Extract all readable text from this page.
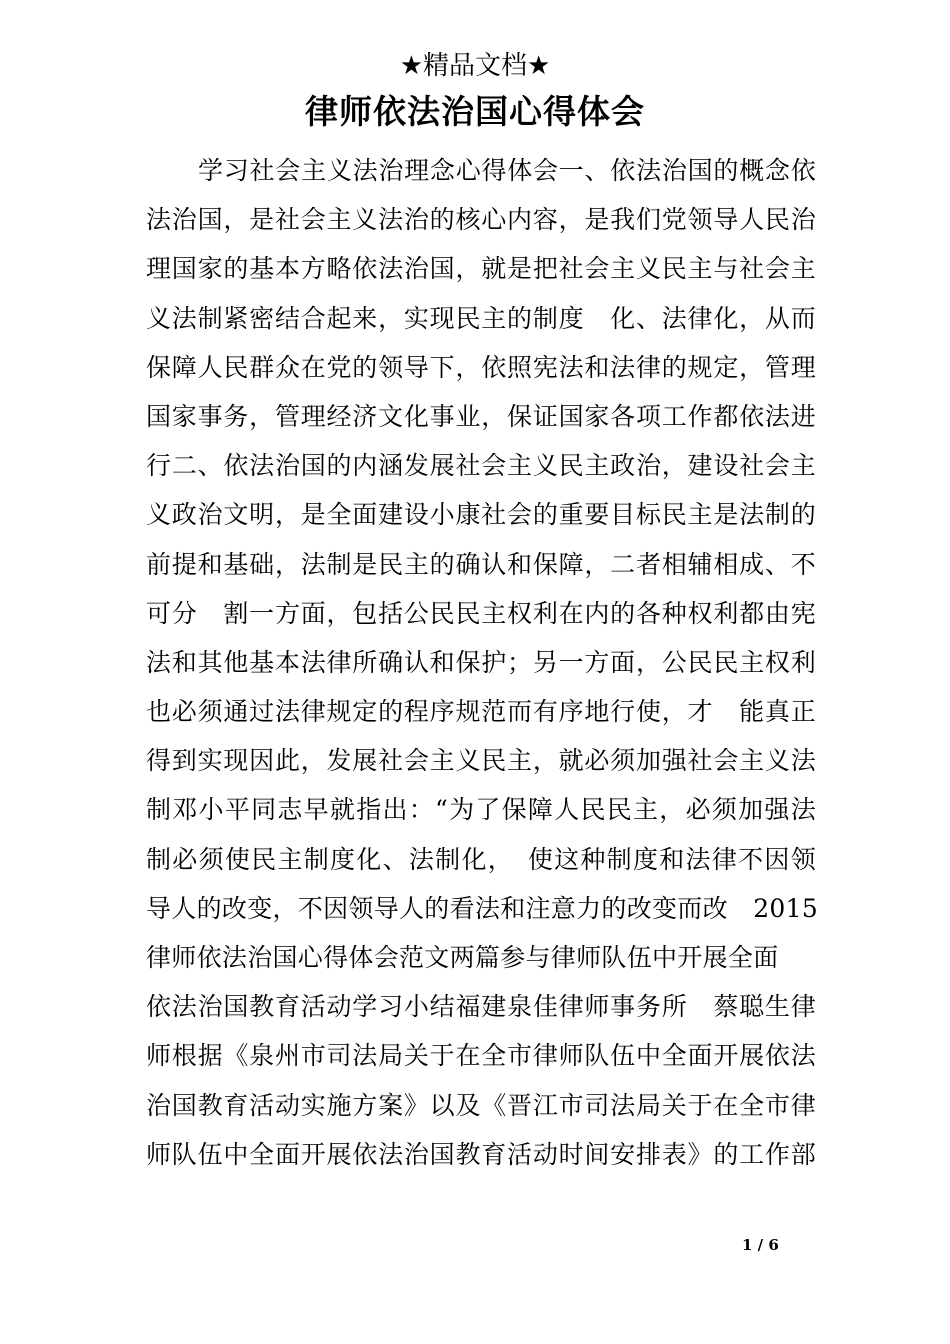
★精品文档★
律师依法治国心得体会
学习社会主义法治理念心得体会一、依法治国的概念依
法治国，是社会主义法治的核心内容，是我们党领导人民治
理国家的基本方略依法治国，就是把社会主义民主与社会主
义法制紧密结合起来，实现民主的制度　化、法律化，从而
保障人民群众在党的领导下，依照宪法和法律的规定，管理
国家事务，管理经济文化事业，保证国家各项工作都依法进
行二、依法治国的内涵发展社会主义民主政治，建设社会主
义政治文明，是全面建设小康社会的重要目标民主是法制的
前提和基础，法制是民主的确认和保障，二者相辅相成、不
可分　割一方面，包括公民民主权利在内的各种权利都由宪
法和其他基本法律所确认和保护；另一方面，公民民主权利
也必须通过法律规定的程序规范而有序地行使，才　能真正
得到实现因此，发展社会主义民主，就必须加强社会主义法
制邓小平同志早就指出：“为了保障人民民主，必须加强法
制必须使民主制度化、法制化，　使这种制度和法律不因领
导人的改变，不因领导人的看法和注意力的改变而改　2015
律师依法治国心得体会范文两篇参与律师队伍中开展全面
依法治国教育活动学习小结福建泉佳律师事务所　蔡聪生律
师根据《泉州市司法局关于在全市律师队伍中全面开展依法
治国教育活动实施方案》以及《晋江市司法局关于在全市律
师队伍中全面开展依法治国教育活动时间安排表》的工作部
1 / 6
